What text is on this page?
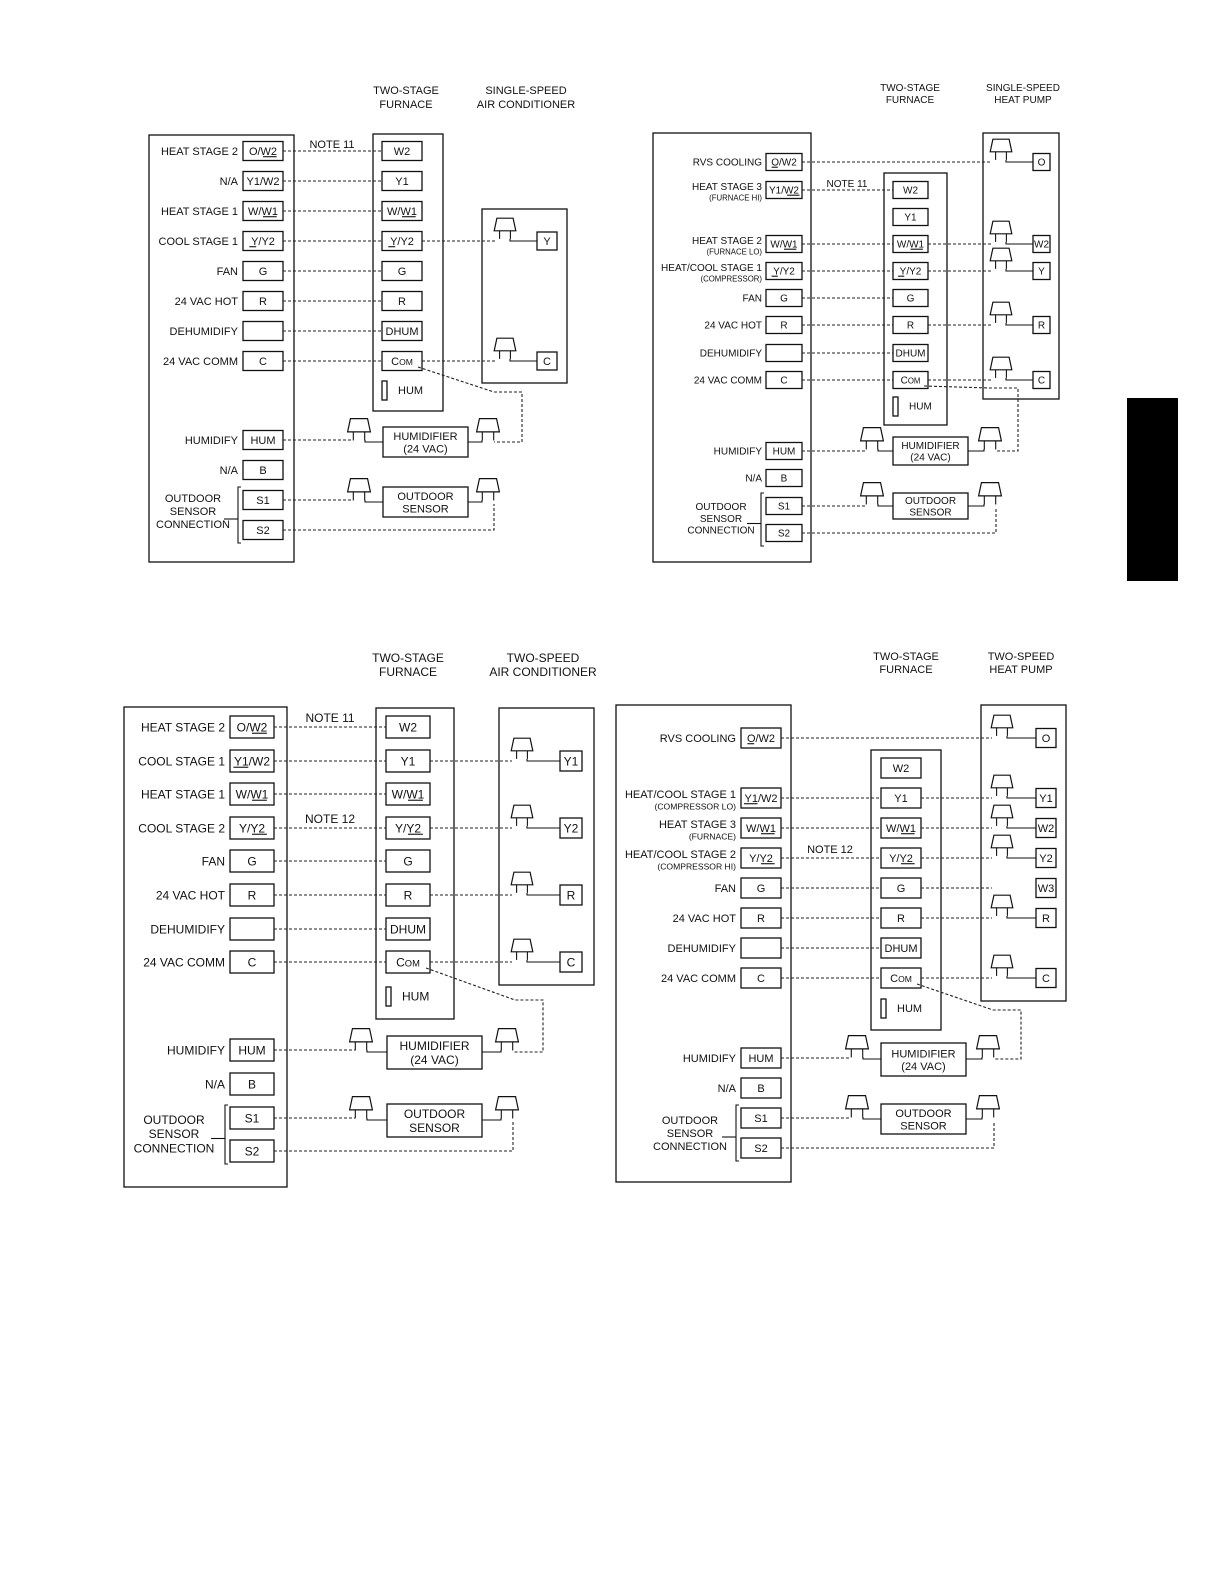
TWO-STAGE
FURNACE
SINGLE-SPEED
AIR CONDITIONER
HEAT STAGE 2 O/W2
N/A Y1/W2
HEAT STAGE 1 W/W1
COOL STAGE 1 Y/Y2
FAN G
24 VAC HOT R
DEHUMIDIFY
24 VAC COMM C
HUMIDIFY HUM
N/A B
S1
S2
OUTDOOR
SENSOR
CONNECTION
W2
Y1
W/W1
Y/Y2
G
R
DHUM
COM
HUM
Y
C
HUMIDIFIER
(24 VAC)
OUTDOOR
SENSOR
NOTE 11
TWO-STAGE
FURNACE
SINGLE-SPEED
HEAT PUMP
RVS COOLING O/W2
HEAT STAGE 3
(FURNACE HI)
Y1/W2
HEAT STAGE 2
(FURNACE LO)
W/W1
HEAT/COOL STAGE 1
(COMPRESSOR)
Y/Y2
FAN G
24 VAC HOT R
DEHUMIDIFY
24 VAC COMM C
HUMIDIFY HUM
N/A B
S1
S2
OUTDOOR
SENSOR
CONNECTION
W2
Y1
W/W1
Y/Y2
G
R
DHUM
COM
HUM
O
W2
Y
R
C
HUMIDIFIER
(24 VAC)
OUTDOOR
SENSOR
NOTE 11
TWO-STAGE
FURNACE
TWO-SPEED
AIR CONDITIONER
HEAT STAGE 2 O/W2
COOL STAGE 1 Y1/W2
HEAT STAGE 1 W/W1
COOL STAGE 2 Y/Y2
FAN G
24 VAC HOT R
DEHUMIDIFY
24 VAC COMM C
HUMIDIFY HUM
N/A B
S1
S2
OUTDOOR
SENSOR
CONNECTION
W2
Y1
W/W1
Y/Y2
G
R
DHUM
COM
HUM
Y1
Y2
R
C
HUMIDIFIER
(24 VAC)
OUTDOOR
SENSOR
NOTE 11
NOTE 12
TWO-STAGE
FURNACE
TWO-SPEED
HEAT PUMP
RVS COOLING O/W2
HEAT/COOL STAGE 1
(COMPRESSOR LO)
Y1/W2
HEAT STAGE 3
(FURNACE)
W/W1
HEAT/COOL STAGE 2
(COMPRESSOR HI)
Y/Y2
FAN G
24 VAC HOT R
DEHUMIDIFY
24 VAC COMM C
HUMIDIFY HUM
N/A B
S1
S2
OUTDOOR
SENSOR
CONNECTION
W2
Y1
W/W1
Y/Y2
G
R
DHUM
COM
HUM
O
Y1
W2
Y2
W3
R
C
HUMIDIFIER
(24 VAC)
OUTDOOR
SENSOR
NOTE 12
